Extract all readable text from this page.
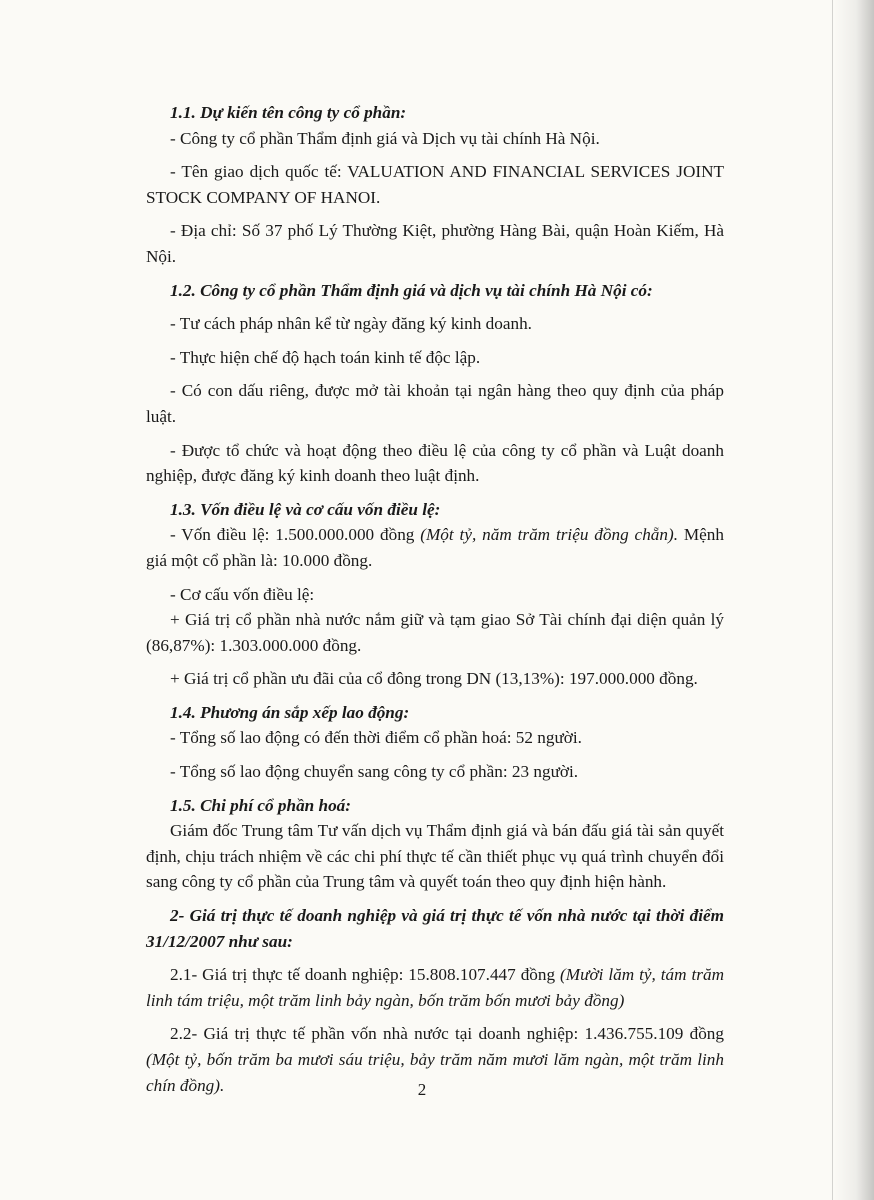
1.1. Dự kiến tên công ty cổ phần:

- Công ty cổ phần Thẩm định giá và Dịch vụ tài chính Hà Nội.

- Tên giao dịch quốc tế: VALUATION AND FINANCIAL SERVICES JOINT STOCK COMPANY OF HANOI.

- Địa chỉ: Số 37 phố Lý Thường Kiệt, phường Hàng Bài, quận Hoàn Kiếm, Hà Nội.

1.2. Công ty cổ phần Thẩm định giá và dịch vụ tài chính Hà Nội có:

- Tư cách pháp nhân kể từ ngày đăng ký kinh doanh.

- Thực hiện chế độ hạch toán kinh tế độc lập.

- Có con dấu riêng, được mở tài khoản tại ngân hàng theo quy định của pháp luật.

- Được tổ chức và hoạt động theo điều lệ của công ty cổ phần và Luật doanh nghiệp, được đăng ký kinh doanh theo luật định.

1.3. Vốn điều lệ và cơ cấu vốn điều lệ:

- Vốn điều lệ: 1.500.000.000 đồng (Một tỷ, năm trăm triệu đồng chẵn). Mệnh giá một cổ phần là: 10.000 đồng.

- Cơ cấu vốn điều lệ:

+ Giá trị cổ phần nhà nước nắm giữ và tạm giao Sở Tài chính đại diện quản lý (86,87%): 1.303.000.000 đồng.

+ Giá trị cổ phần ưu đãi của cổ đông trong DN (13,13%): 197.000.000 đồng.

1.4. Phương án sắp xếp lao động:

- Tổng số lao động có đến thời điểm cổ phần hoá: 52 người.

- Tổng số lao động chuyển sang công ty cổ phần: 23 người.

1.5. Chi phí cổ phần hoá:

Giám đốc Trung tâm Tư vấn dịch vụ Thẩm định giá và bán đấu giá tài sản quyết định, chịu trách nhiệm về các chi phí thực tế cần thiết phục vụ quá trình chuyển đổi sang công ty cổ phần của Trung tâm và quyết toán theo quy định hiện hành.

2- Giá trị thực tế doanh nghiệp và giá trị thực tế vốn nhà nước tại thời điểm 31/12/2007 như sau:

2.1- Giá trị thực tế doanh nghiệp: 15.808.107.447 đồng (Mười lăm tỷ, tám trăm linh tám triệu, một trăm linh bảy ngàn, bốn trăm bốn mươi bảy đồng)

2.2- Giá trị thực tế phần vốn nhà nước tại doanh nghiệp: 1.436.755.109 đồng (Một tỷ, bốn trăm ba mươi sáu triệu, bảy trăm năm mươi lăm ngàn, một trăm linh chín đồng).	2
